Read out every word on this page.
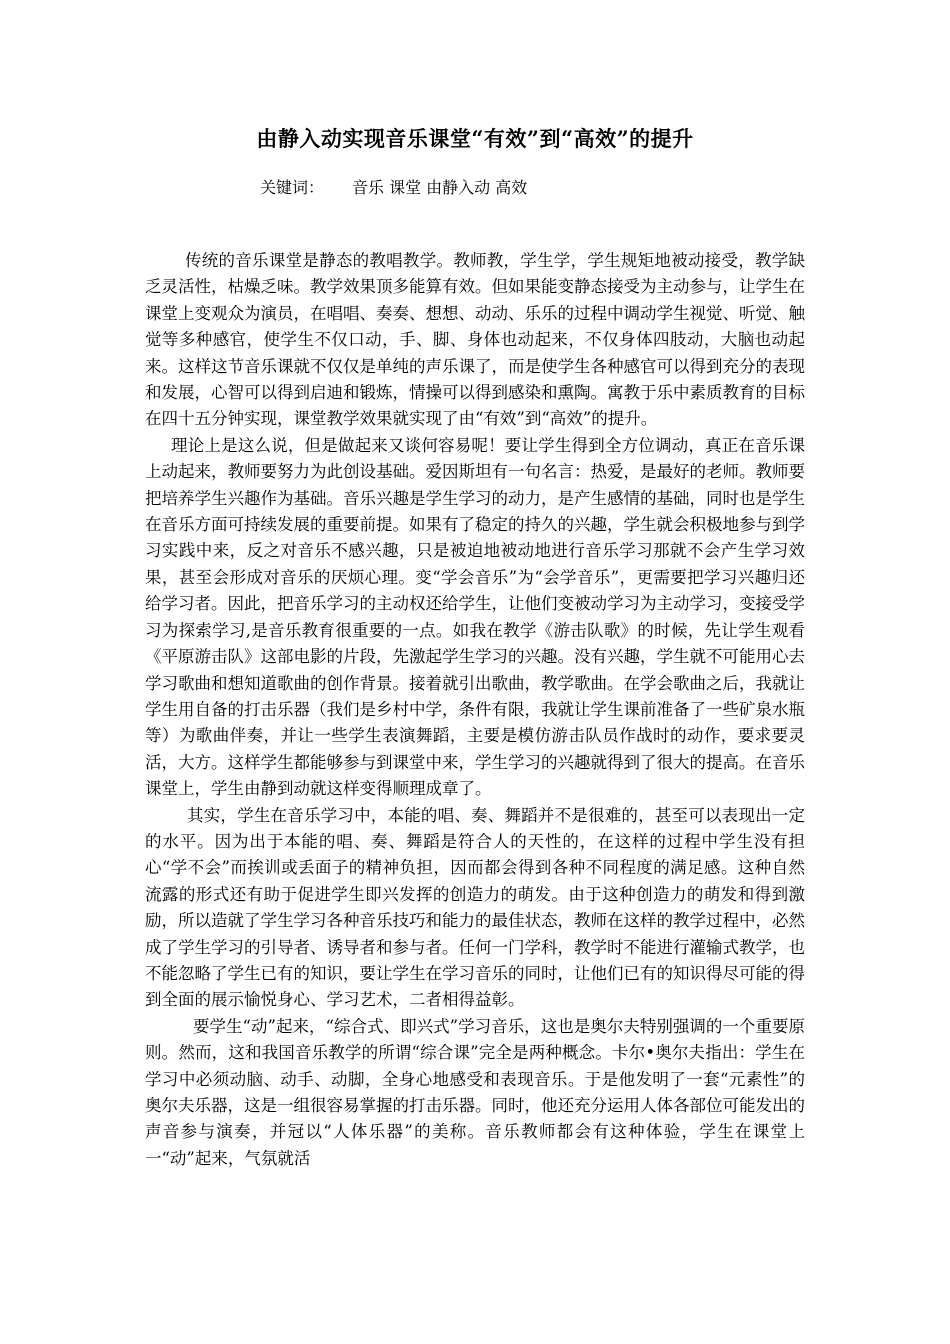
由静入动实现音乐课堂“有效”到“高效”的提升
关键词： 音乐 课堂 由静入动 高效

传统的音乐课堂是静态的教唱教学。教师教，学生学，学生规矩地被动接受，教学缺乏灵活性，枯燥乏味。教学效果顶多能算有效。但如果能变静态接受为主动参与，让学生在课堂上变观众为演员，在唱唱、奏奏、想想、动动、乐乐的过程中调动学生视觉、听觉、触觉等多种感官，使学生不仅口动，手、脚、身体也动起来，不仅身体四肢动，大脑也动起来。这样这节音乐课就不仅仅是单纯的声乐课了，而是使学生各种感官可以得到充分的表现和发展，心智可以得到启迪和锻炼，情操可以得到感染和熏陶。寓教于乐中素质教育的目标在四十五分钟实现，课堂教学效果就实现了由“有效”到“高效”的提升。

理论上是这么说，但是做起来又谈何容易呢！要让学生得到全方位调动，真正在音乐课上动起来，教师要努力为此创设基础。爱因斯坦有一句名言：热爱，是最好的老师。教师要把培养学生兴趣作为基础。音乐兴趣是学生学习的动力，是产生感情的基础，同时也是学生在音乐方面可持续发展的重要前提。如果有了稳定的持久的兴趣，学生就会积极地参与到学习实践中来，反之对音乐不感兴趣，只是被迫地被动地进行音乐学习那就不会产生学习效果，甚至会形成对音乐的厌烦心理。变“学会音乐”为“会学音乐”，更需要把学习兴趣归还给学习者。因此，把音乐学习的主动权还给学生，让他们变被动学习为主动学习，变接受学习为探索学习,是音乐教育很重要的一点。如我在教学《游击队歌》的时候，先让学生观看《平原游击队》这部电影的片段，先激起学生学习的兴趣。没有兴趣，学生就不可能用心去学习歌曲和想知道歌曲的创作背景。接着就引出歌曲，教学歌曲。在学会歌曲之后，我就让学生用自备的打击乐器（我们是乡村中学，条件有限，我就让学生课前准备了一些矿泉水瓶等）为歌曲伴奏，并让一些学生表演舞蹈，主要是模仿游击队员作战时的动作，要求要灵活，大方。这样学生都能够参与到课堂中来，学生学习的兴趣就得到了很大的提高。在音乐课堂上，学生由静到动就这样变得顺理成章了。

其实，学生在音乐学习中，本能的唱、奏、舞蹈并不是很难的，甚至可以表现出一定的水平。因为出于本能的唱、奏、舞蹈是符合人的天性的，在这样的过程中学生没有担心“学不会”而挨训或丢面子的精神负担，因而都会得到各种不同程度的满足感。这种自然流露的形式还有助于促进学生即兴发挥的创造力的萌发。由于这种创造力的萌发和得到激励，所以造就了学生学习各种音乐技巧和能力的最佳状态，教师在这样的教学过程中，必然成了学生学习的引导者、诱导者和参与者。任何一门学科，教学时不能进行灌输式教学，也不能忽略了学生已有的知识，要让学生在学习音乐的同时，让他们已有的知识得尽可能的得到全面的展示愉悦身心、学习艺术，二者相得益彰。

要学生“动”起来，“综合式、即兴式”学习音乐，这也是奥尔夫特别强调的一个重要原则。然而，这和我国音乐教学的所谓“综合课”完全是两种概念。卡尔•奥尔夫指出：学生在学习中必须动脑、动手、动脚，全身心地感受和表现音乐。于是他发明了一套“元素性”的奥尔夫乐器，这是一组很容易掌握的打击乐器。同时，他还充分运用人体各部位可能发出的声音参与演奏，并冠以“人体乐器”的美称。音乐教师都会有这种体验，学生在课堂上一“动”起来，气氛就活
